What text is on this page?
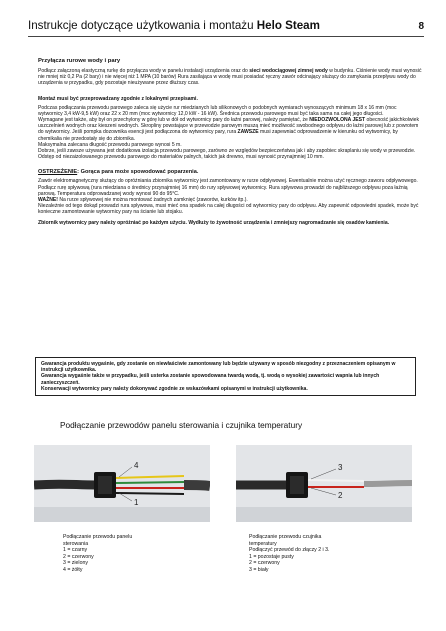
Instrukcje dotyczące użytkowania i montażu Helo Steam	8

Przyłącza rurowe wody i pary

Podłącz załączoną elastyczną rurkę do przyłącza wody w panelu instalacji urządzenia oraz do sieci wodociągowej zimnej wody w budynku. Ciśnienie wody musi wynosić nie mniej niż 0,2 Pa (2 bary) i nie więcej niż 1 MPA (10 barów) Rura zasilająca w wodę musi posiadać ręczny zawór odcinający służący do zamykania przepływu wody do urządzenia w przypadku, gdy pozostaje nieużywane przez dłuższy czas.

Montaż musi być przeprowadzany zgodnie z lokalnymi przepisami.

Podczas podłączania przewodu parowego zaleca się użycie rur miedzianych lub silikonowych o podobnych wymiarach wynoszących minimum 18 x 16 mm (moc wytwornicy 3,4 kW-9,5 kW) oraz 22 x 20 mm (moc wytwornicy 12,0 kW - 16 kW). Średnica przewodu parowego musi być taka sama na całej jego długości.

Wymagane jest także, aby był on przechylony w górę lub w dół od wytwornicy pary do łaźni parowej, należy pamiętać, że NIEDOZWOLONA JEST obecność jakichkolwiek uszczelnień wodnych oraz kieszeni wodnych. Skropliny powstające w przewodzie parowym muszą mieć możliwość swobodnego odpływu do łaźni parowej lub z powrotem do wytwornicy. Jeśli pompka dozownika esencji jest podłączona do wytwornicy pary, rura ZAWSZE musi zapewniać odprowadzenie w kierunku od wytwornicy, by chemikalia nie przedostały się do zbiornika.

Maksymalna zalecana długość przewodu parowego wynosi 5 m.

Dobrze, jeśli zawsze używana jest dodatkowa izolacja przewodu parowego, zarówno ze względów bezpieczeństwa jak i aby zapobiec skraplaniu się wody w przewodzie.

Odstęp od niezaizolowanego przewodu parowego do materiałów palnych, takich jak drewno, musi wynosić przynajmniej 10 mm.

OSTRZEŻENIE: Gorąca para może spowodować poparzenia.

Zawór elektromagnetyczny służący do opróżniania zbiornika wytwornicy jest zamontowany w rurze odpływowej. Ewentualnie można użyć ręcznego zaworu odpływowego. Podłącz rurę spływową (rura miedziana o średnicy przynajmniej 16 mm) do rury spływowej wytwornicy. Rura spływowa prowadzi do najbliższego odpływu poza łaźnią parową. Temperatura odprowadzanej wody wynosi 90 do 95°C.

WAŻNE! Na rurze spływowej nie można montować żadnych zamknięć (zaworów, kurków itp.).

Niezależnie od tego dokąd prowadzi rura spływowa, musi mieć ona spadek na całej długości od wytwornicy pary do odpływu. Aby zapewnić odpowiedni spadek, może być konieczne zamontowanie wytwornicy pary na ścianie lub stojaku.

Zbiornik wytwornicy pary należy opróżniać po każdym użyciu. Wydłuży to żywotność urządzenia i zmniejszy nagromadzanie się osadów kamienia.

Gwarancja produktu wygaśnie, gdy zostanie on niewłaściwie zamontowany lub będzie używany w sposób niezgodny z przeznaczeniem opisanym w instrukcji użytkownika.

Gwarancja wygaśnie także w przypadku, jeśli usterka zostanie spowodowana twardą wodą, tj. wodą o wysokiej zawartości wapnia lub innych zanieczyszczeń.

Konserwacji wytwornicy pary należy dokonywać zgodnie ze wskazówkami opisanymi w instrukcji użytkownika.

Podłączanie przewodów panelu sterowania i czujnika temperatury
4
1
3
2

Podłączanie przewodu panelu

sterowania

1 = czarny

2 = czerwony

3 = zielony

4 = żółty

Podłączanie przewodu czujnika

temperatury

Podłączyć przewód do złączy 2 i 3.

1 = pozostaje pusty

2 = czerwony

3 = biały
